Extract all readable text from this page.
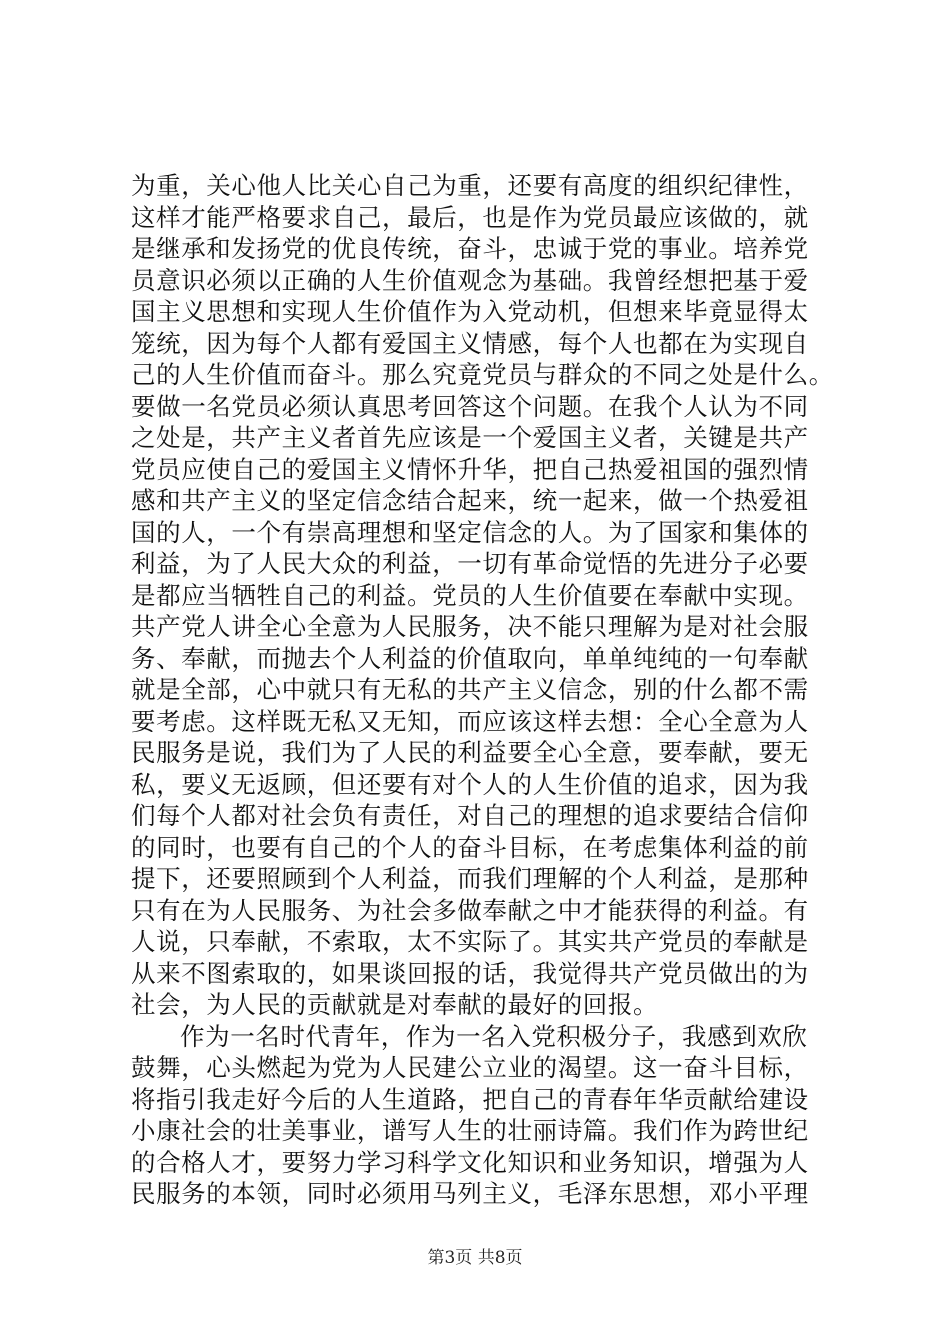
为重，关心他人比关心自己为重，还要有高度的组织纪律性，
这样才能严格要求自己，最后，也是作为党员最应该做的，就
是继承和发扬党的优良传统，奋斗，忠诚于党的事业。培养党
员意识必须以正确的人生价值观念为基础。我曾经想把基于爱
国主义思想和实现人生价值作为入党动机，但想来毕竟显得太
笼统，因为每个人都有爱国主义情感，每个人也都在为实现自
己的人生价值而奋斗。那么究竟党员与群众的不同之处是什么。
要做一名党员必须认真思考回答这个问题。在我个人认为不同
之处是，共产主义者首先应该是一个爱国主义者，关键是共产
党员应使自己的爱国主义情怀升华，把自己热爱祖国的强烈情
感和共产主义的坚定信念结合起来，统一起来，做一个热爱祖
国的人，一个有崇高理想和坚定信念的人。为了国家和集体的
利益，为了人民大众的利益，一切有革命觉悟的先进分子必要
是都应当牺牲自己的利益。党员的人生价值要在奉献中实现。
共产党人讲全心全意为人民服务，决不能只理解为是对社会服
务、奉献，而抛去个人利益的价值取向，单单纯纯的一句奉献
就是全部，心中就只有无私的共产主义信念，别的什么都不需
要考虑。这样既无私又无知，而应该这样去想：全心全意为人
民服务是说，我们为了人民的利益要全心全意，要奉献，要无
私，要义无返顾，但还要有对个人的人生价值的追求，因为我
们每个人都对社会负有责任，对自己的理想的追求要结合信仰
的同时，也要有自己的个人的奋斗目标，在考虑集体利益的前
提下，还要照顾到个人利益，而我们理解的个人利益，是那种
只有在为人民服务、为社会多做奉献之中才能获得的利益。有
人说，只奉献，不索取，太不实际了。其实共产党员的奉献是
从来不图索取的，如果谈回报的话，我觉得共产党员做出的为
社会，为人民的贡献就是对奉献的最好的回报。
作为一名时代青年，作为一名入党积极分子，我感到欢欣
鼓舞，心头燃起为党为人民建公立业的渴望。这一奋斗目标，
将指引我走好今后的人生道路，把自己的青春年华贡献给建设
小康社会的壮美事业，谱写人生的壮丽诗篇。我们作为跨世纪
的合格人才，要努力学习科学文化知识和业务知识，增强为人
民服务的本领，同时必须用马列主义，毛泽东思想，邓小平理
第3页 共8页
